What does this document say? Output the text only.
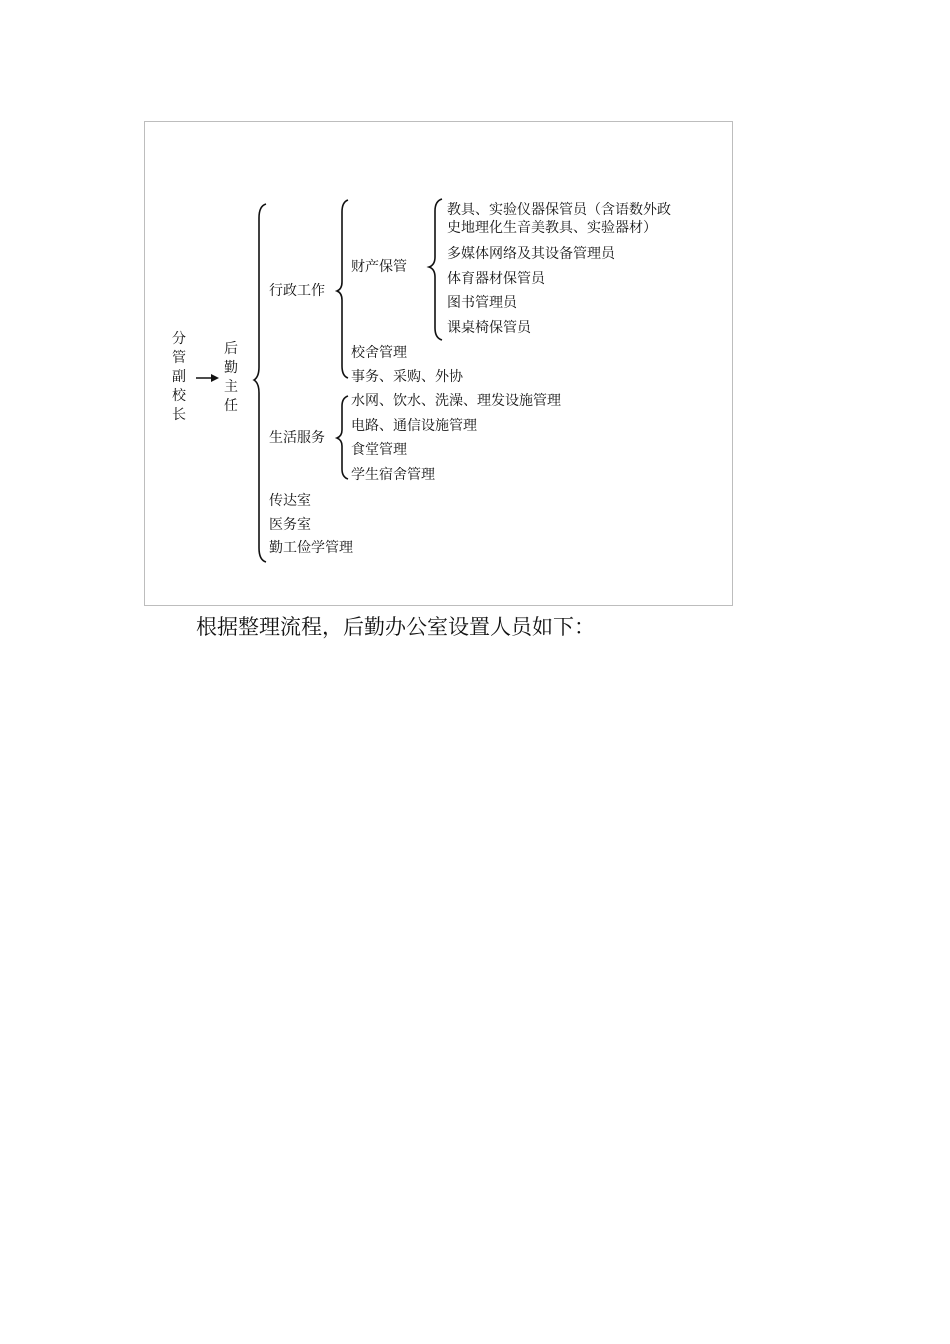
分管副校长
后勤主任
行政工作
生活服务
传达室
医务室
勤工俭学管理
财产保管
校舍管理
事务、采购、外协
教具、实验仪器保管员（含语数外政
史地理化生音美教具、实验器材）
多媒体网络及其设备管理员
体育器材保管员
图书管理员
课桌椅保管员
水网、饮水、洗澡、理发设施管理
电路、通信设施管理
食堂管理
学生宿舍管理
根据整理流程，后勤办公室设置人员如下：
